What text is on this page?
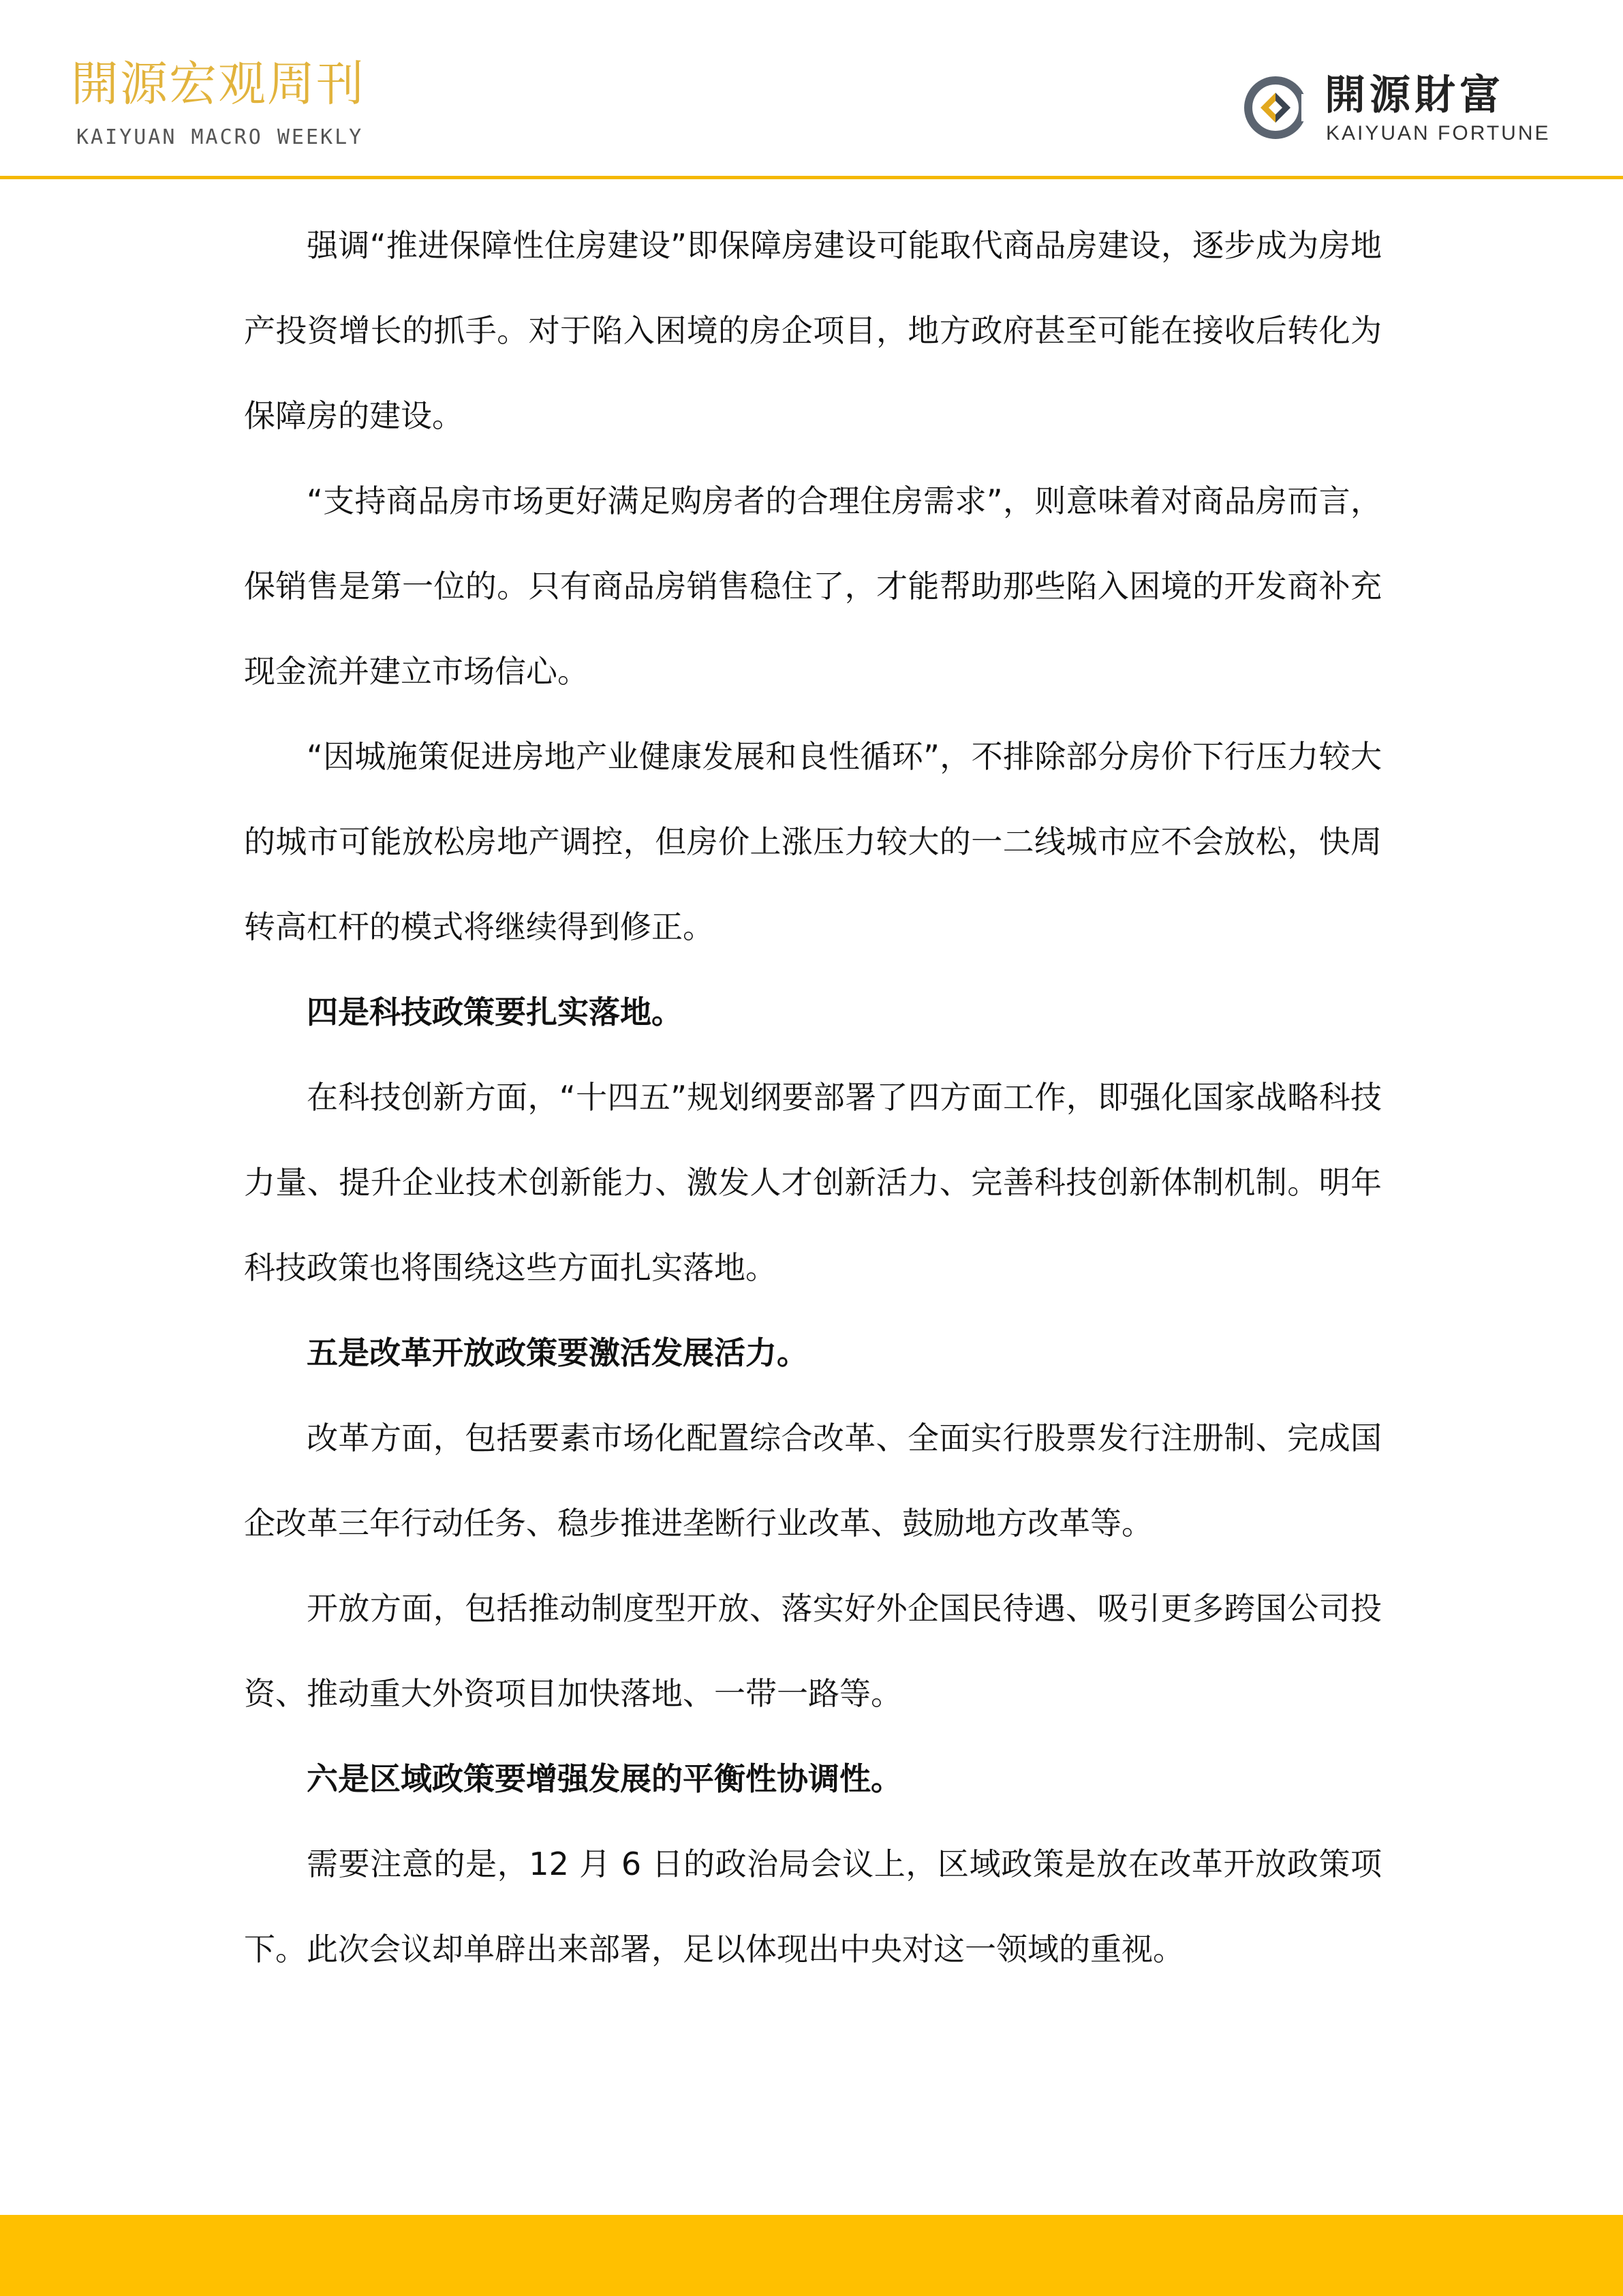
開源宏观周刊
KAIYUAN MACRO WEEKLY
開源財富
KAIYUAN FORTUNE

强调“推进保障性住房建设”即保障房建设可能取代商品房建设，逐步成为房地产投资增长的抓手。对于陷入困境的房企项目，地方政府甚至可能在接收后转化为保障房的建设。

“支持商品房市场更好满足购房者的合理住房需求”，则意味着对商品房而言，保销售是第一位的。只有商品房销售稳住了，才能帮助那些陷入困境的开发商补充现金流并建立市场信心。

“因城施策促进房地产业健康发展和良性循环”，不排除部分房价下行压力较大的城市可能放松房地产调控，但房价上涨压力较大的一二线城市应不会放松，快周转高杠杆的模式将继续得到修正。

四是科技政策要扎实落地。

在科技创新方面，“十四五”规划纲要部署了四方面工作，即强化国家战略科技力量、提升企业技术创新能力、激发人才创新活力、完善科技创新体制机制。明年科技政策也将围绕这些方面扎实落地。

五是改革开放政策要激活发展活力。

改革方面，包括要素市场化配置综合改革、全面实行股票发行注册制、完成国企改革三年行动任务、稳步推进垄断行业改革、鼓励地方改革等。

开放方面，包括推动制度型开放、落实好外企国民待遇、吸引更多跨国公司投资、推动重大外资项目加快落地、一带一路等。

六是区域政策要增强发展的平衡性协调性。

需要注意的是，12 月 6 日的政治局会议上，区域政策是放在改革开放政策项下。此次会议却单辟出来部署，足以体现出中央对这一领域的重视。
